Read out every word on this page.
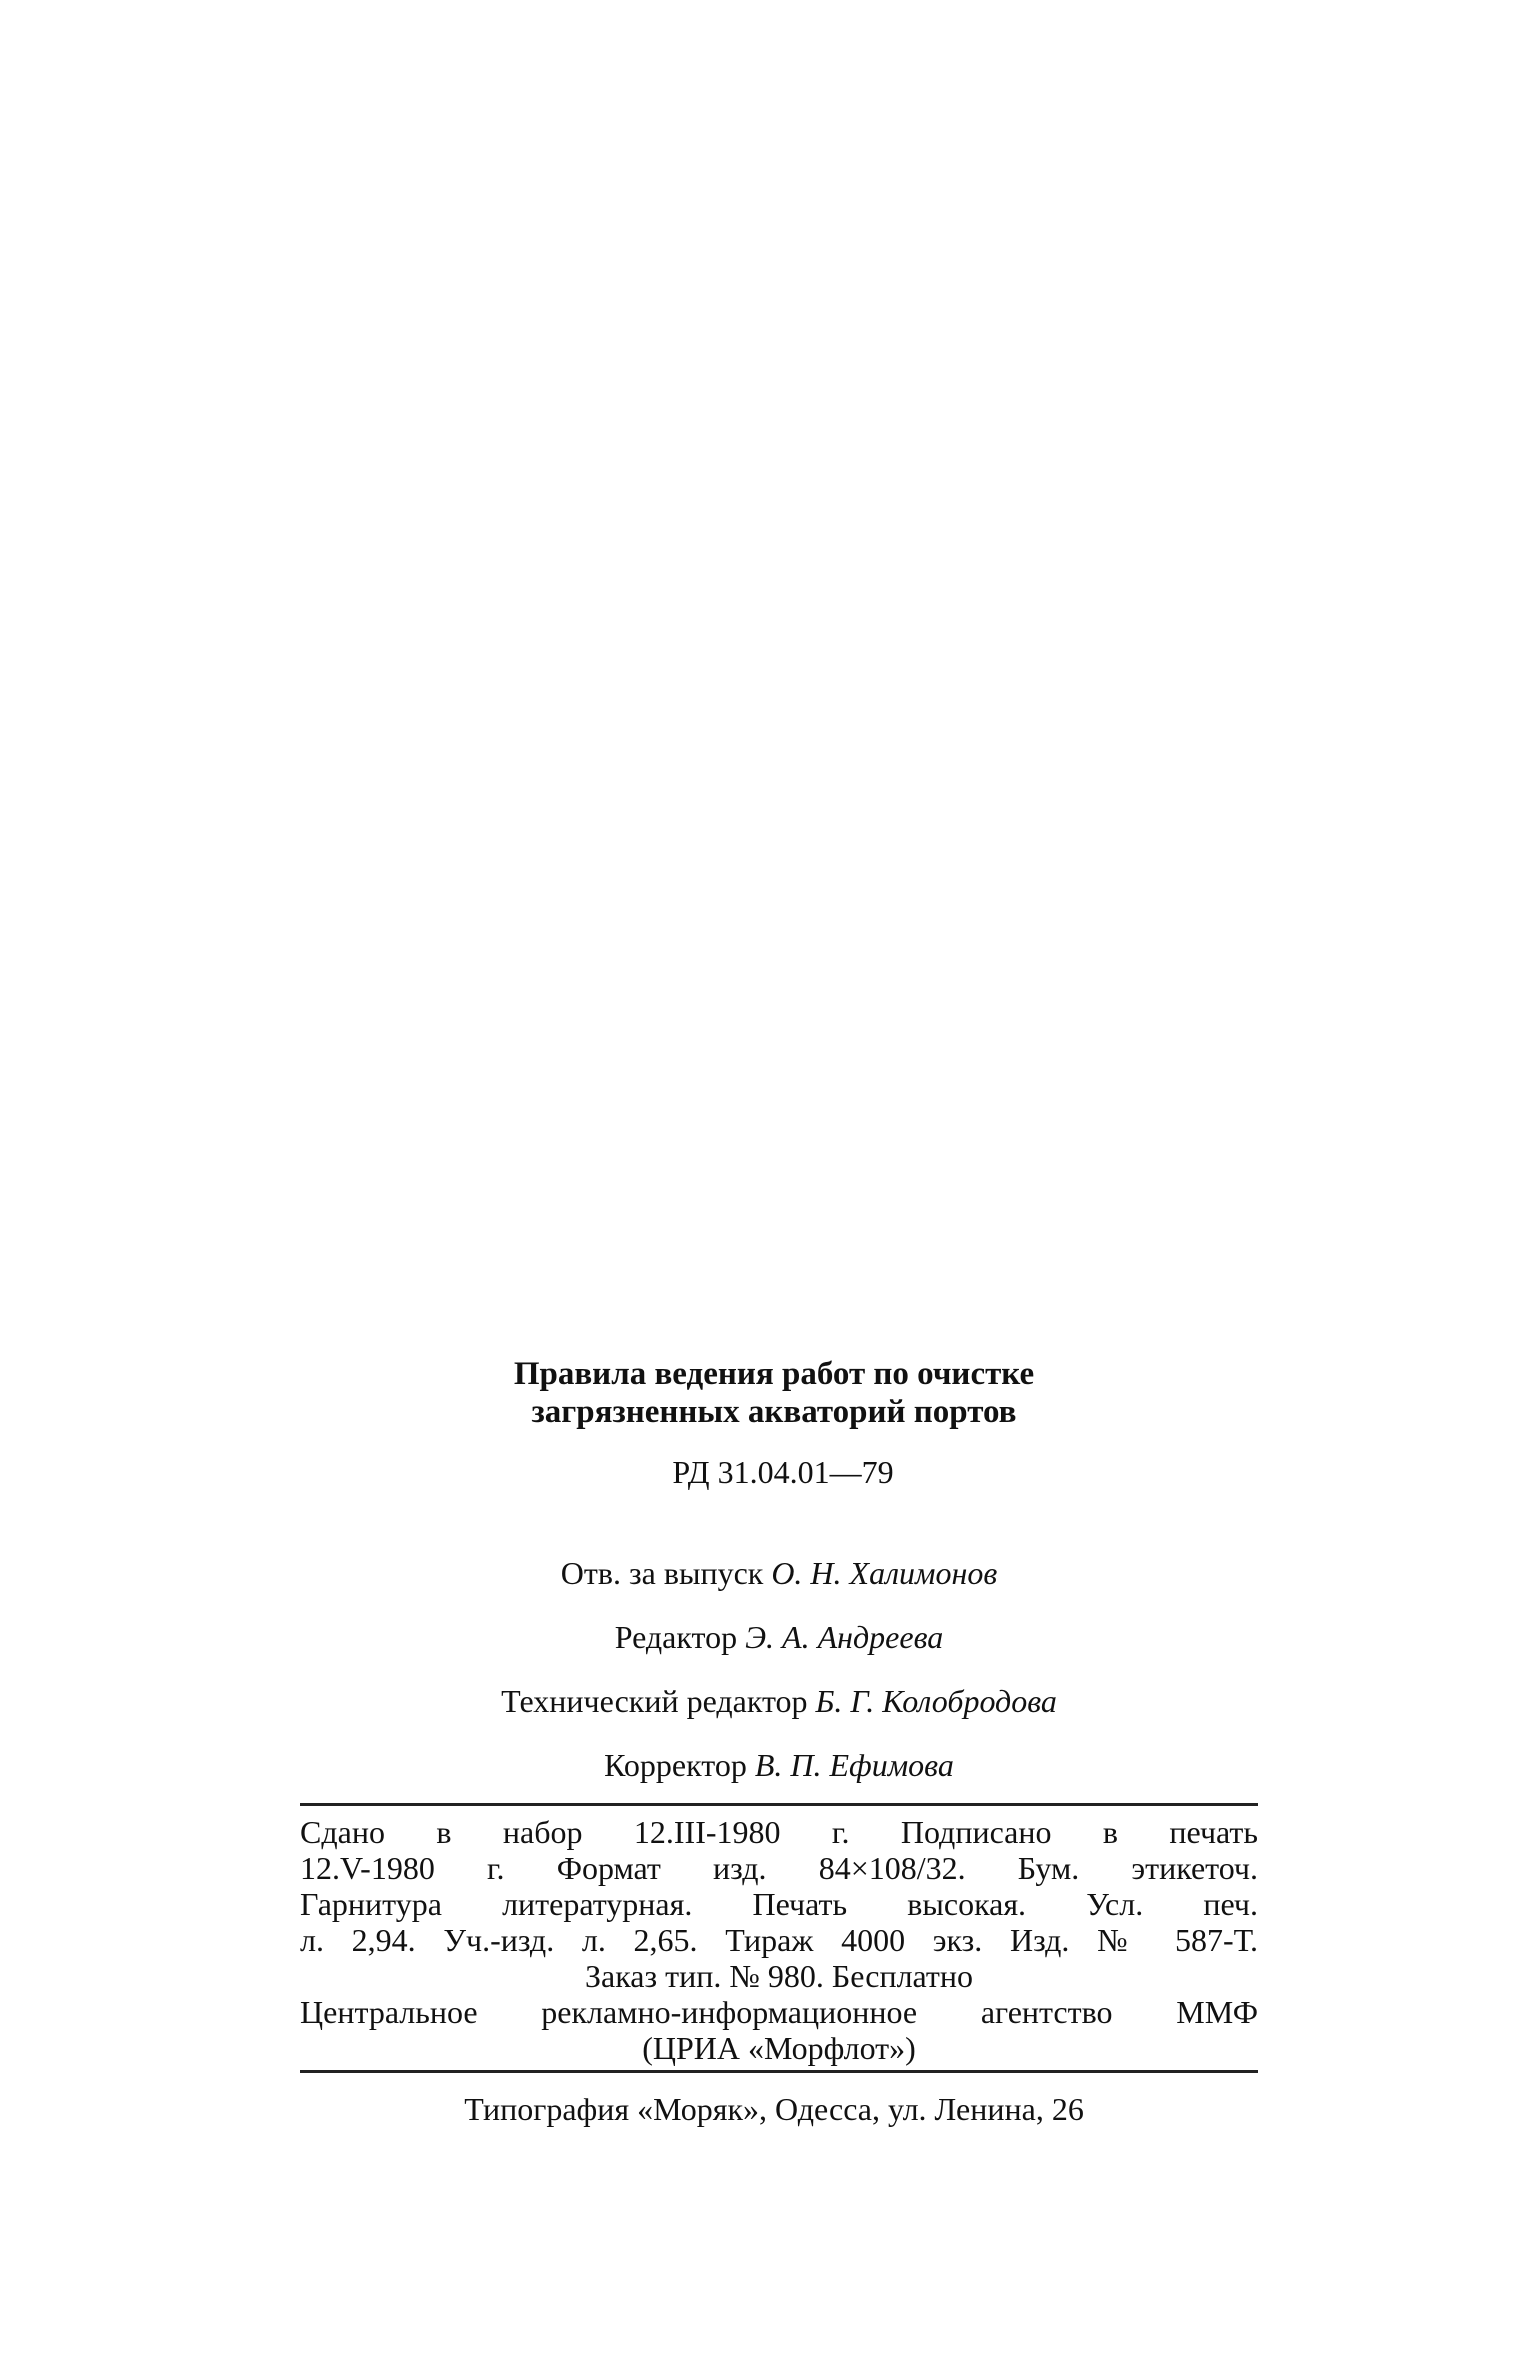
Правила ведения работ по очистке
загрязненных акваторий портов
РД 31.04.01—79
Отв. за выпуск О. Н. Халимонов
Редактор Э. А. Андреева
Технический редактор Б. Г. Колобродова
Корректор В. П. Ефимова
Сдано в набор 12.III-1980 г. Подписано в печать
12.V-1980 г. Формат изд. 84×108/32. Бум. этикеточ.
Гарнитура литературная. Печать высокая. Усл. печ.
л. 2,94. Уч.-изд. л. 2,65. Тираж 4000 экз. Изд. № 587-Т.
Заказ тип. № 980. Бесплатно
Центральное рекламно-информационное агентство ММФ
(ЦРИА «Морфлот»)
Типография «Моряк», Одесса, ул. Ленина, 26
